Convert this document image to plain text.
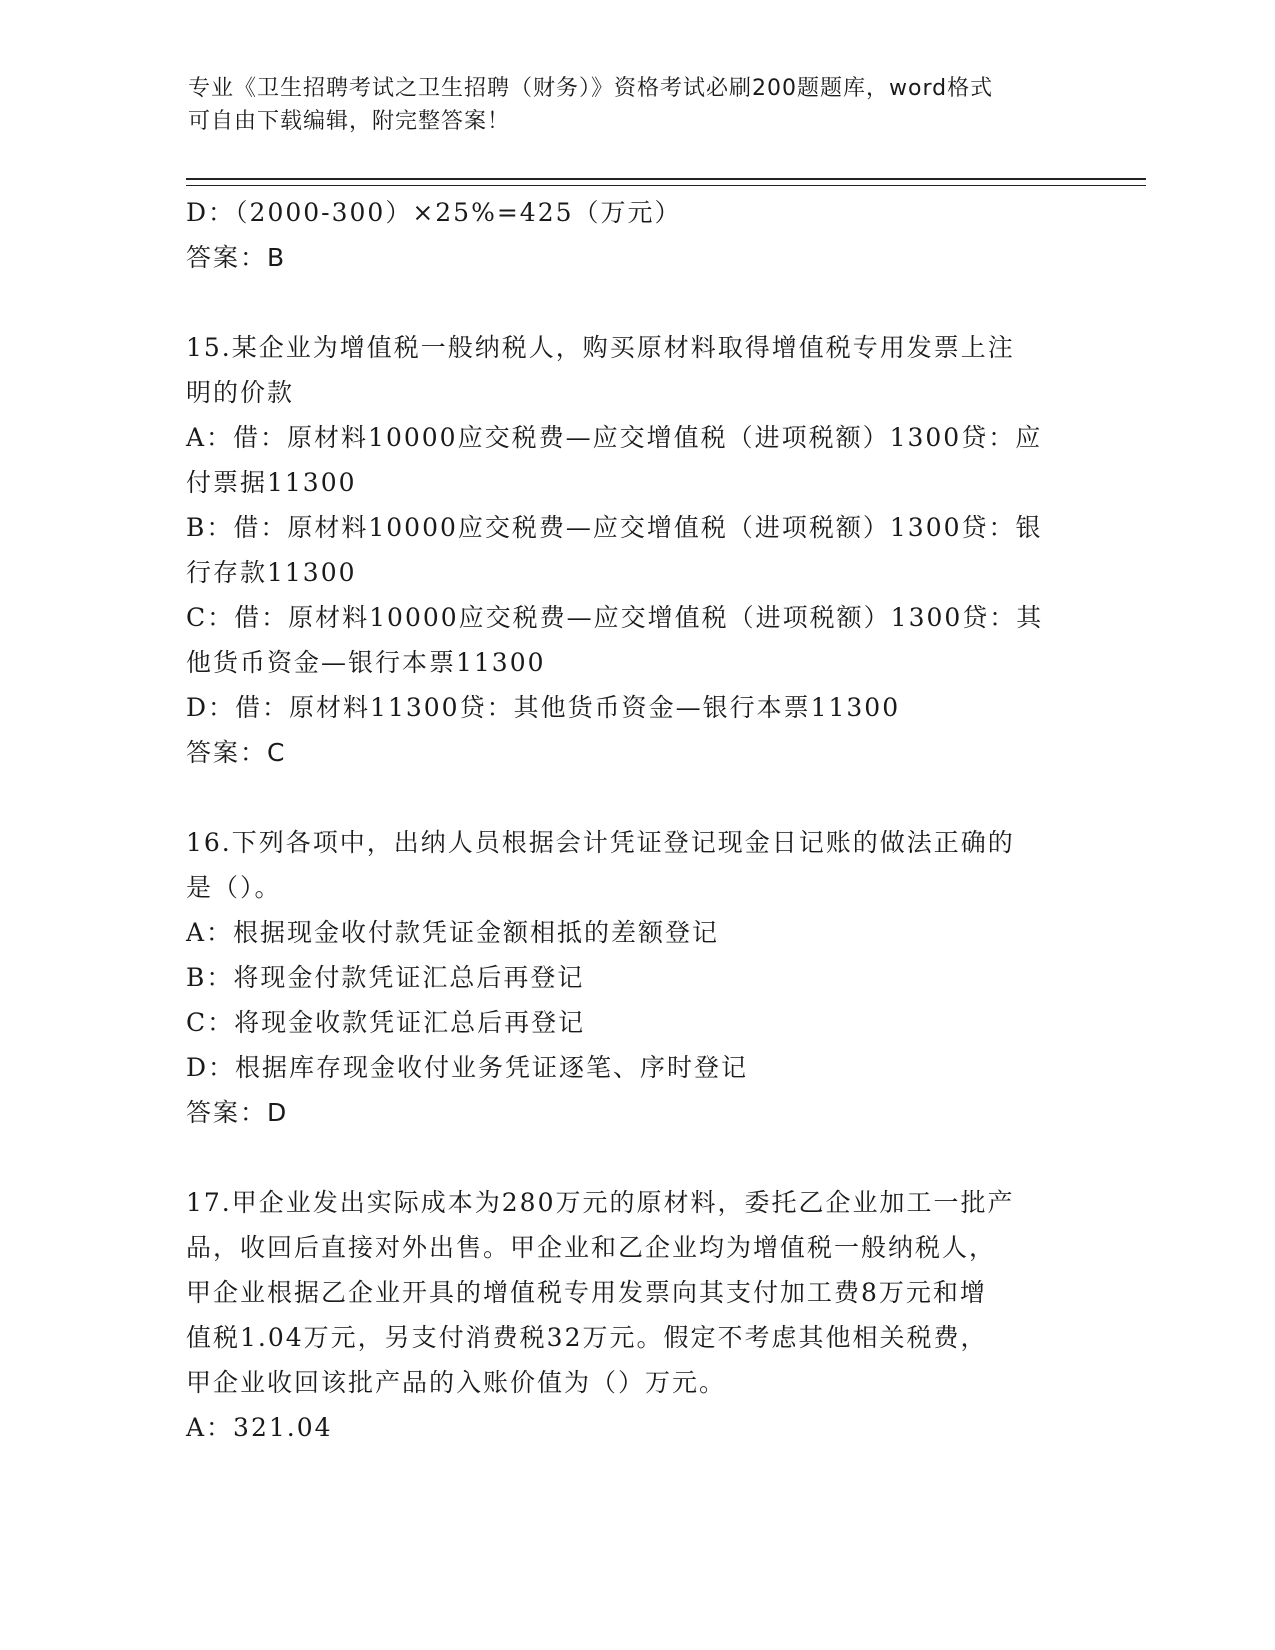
专业《卫生招聘考试之卫生招聘（财务）》资格考试必刷200题题库，word格式
可自由下载编辑，附完整答案！
D：（2000-300）×25%=425（万元）
答案：B
15.某企业为增值税一般纳税人，购买原材料取得增值税专用发票上注
明的价款
A：借：原材料10000应交税费—应交增值税（进项税额）1300贷：应
付票据11300
B：借：原材料10000应交税费—应交增值税（进项税额）1300贷：银
行存款11300
C：借：原材料10000应交税费—应交增值税（进项税额）1300贷：其
他货币资金—银行本票11300
D：借：原材料11300贷：其他货币资金—银行本票11300
答案：C
16.下列各项中，出纳人员根据会计凭证登记现金日记账的做法正确的
是（）。
A：根据现金收付款凭证金额相抵的差额登记
B：将现金付款凭证汇总后再登记
C：将现金收款凭证汇总后再登记
D：根据库存现金收付业务凭证逐笔、序时登记
答案：D
17.甲企业发出实际成本为280万元的原材料，委托乙企业加工一批产
品，收回后直接对外出售。甲企业和乙企业均为增值税一般纳税人，
甲企业根据乙企业开具的增值税专用发票向其支付加工费8万元和增
值税1.04万元，另支付消费税32万元。假定不考虑其他相关税费，
甲企业收回该批产品的入账价值为（）万元。
A：321.04
